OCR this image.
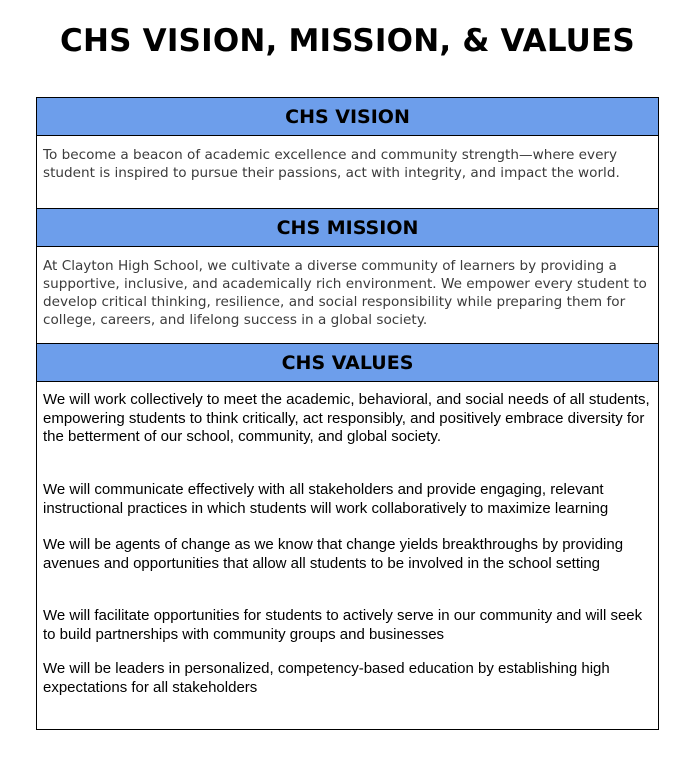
CHS VISION, MISSION, & VALUES
CHS VISION

To become a beacon of academic excellence and community strength—where every student is inspired to pursue their passions, act with integrity, and impact the world.

CHS MISSION

At Clayton High School, we cultivate a diverse community of learners by providing a supportive, inclusive, and academically rich environment. We empower every student to develop critical thinking, resilience, and social responsibility while preparing them for college, careers, and lifelong success in a global society.

CHS VALUES

We will work collectively to meet the academic, behavioral, and social needs of all students, empowering students to think critically, act responsibly, and positively embrace diversity for the betterment of our school, community, and global society.

We will communicate effectively with all stakeholders and provide engaging, relevant instructional practices in which students will work collaboratively to maximize learning

We will be agents of change as we know that change yields breakthroughs by providing avenues and opportunities that allow all students to be involved in the school setting

We will facilitate opportunities for students to actively serve in our community and will seek to build partnerships with community groups and businesses

We will be leaders in personalized, competency-based education by establishing high expectations for all stakeholders
